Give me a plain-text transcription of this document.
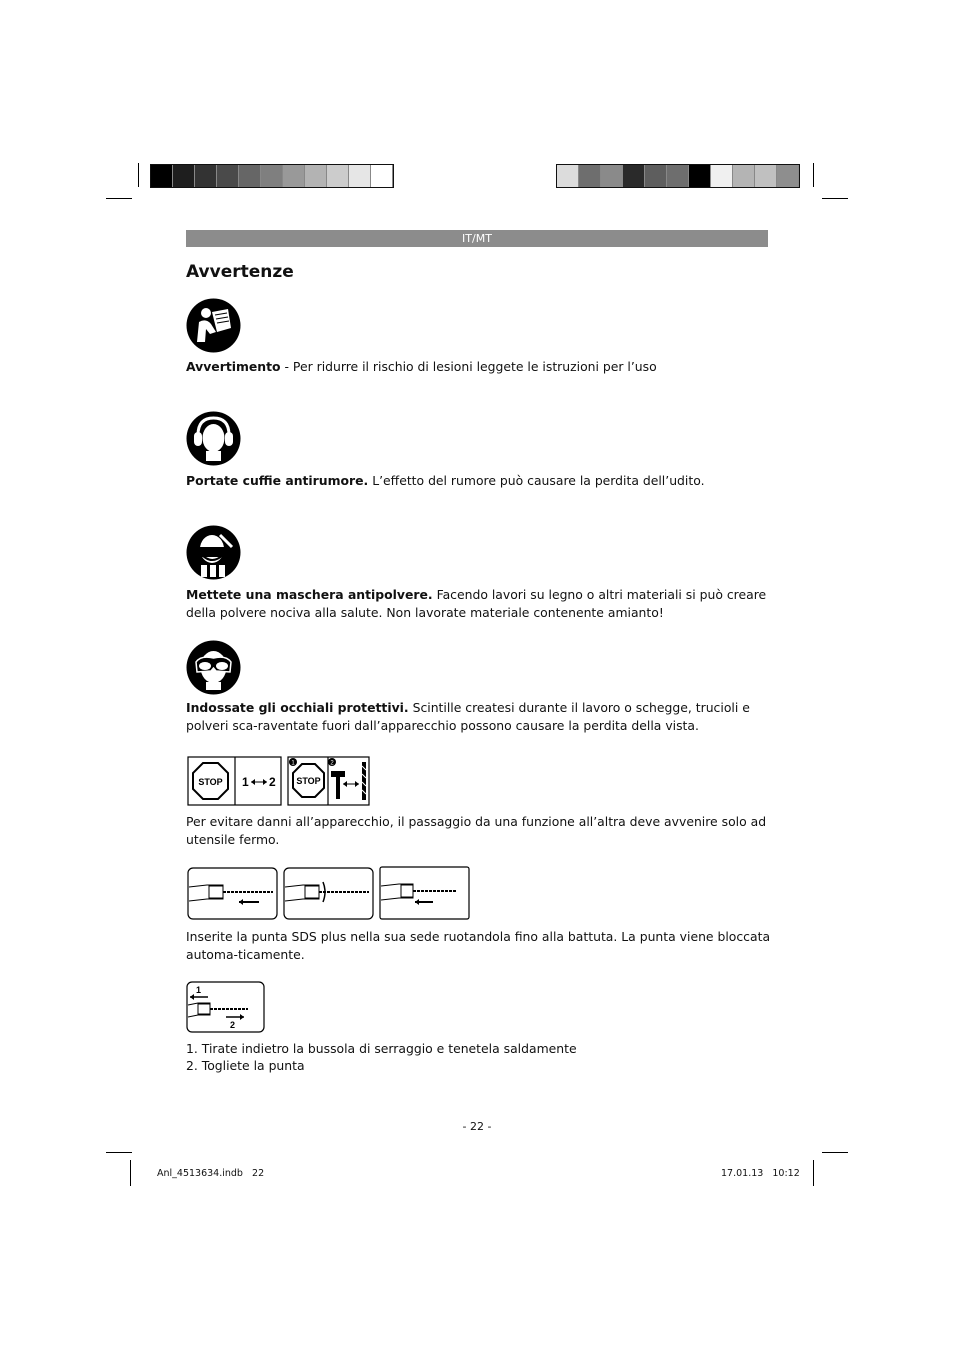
IT/MT
Avvertenze
Avvertimento - Per ridurre il rischio di lesioni leggete le istruzioni per l’uso
Portate cuffie antirumore. L’effetto del rumore può causare la perdita dell’udito.
Mettete una maschera antipolvere. Facendo lavori su legno o altri materiali si può creare della polvere nociva alla salute. Non lavorate materiale contenente amianto!
Indossate gli occhiali protettivi. Scintille createsi durante il lavoro o schegge, trucioli e polveri sca-raventate fuori dall’apparecchio possono causare la perdita della vista.
STOP 1 2
1	2
STOP
Per evitare danni all’apparecchio, il passaggio da una funzione all’altra deve avvenire solo ad utensile fermo.
Inserite la punta SDS plus nella sua sede ruotandola fino alla battuta. La punta viene bloccata automa-ticamente.
1
2
1. Tirate indietro la bussola di serraggio e tenetela saldamente
2. Togliete la punta
- 22 -
Anl_4513634.indb   22	17.01.13   10:12
